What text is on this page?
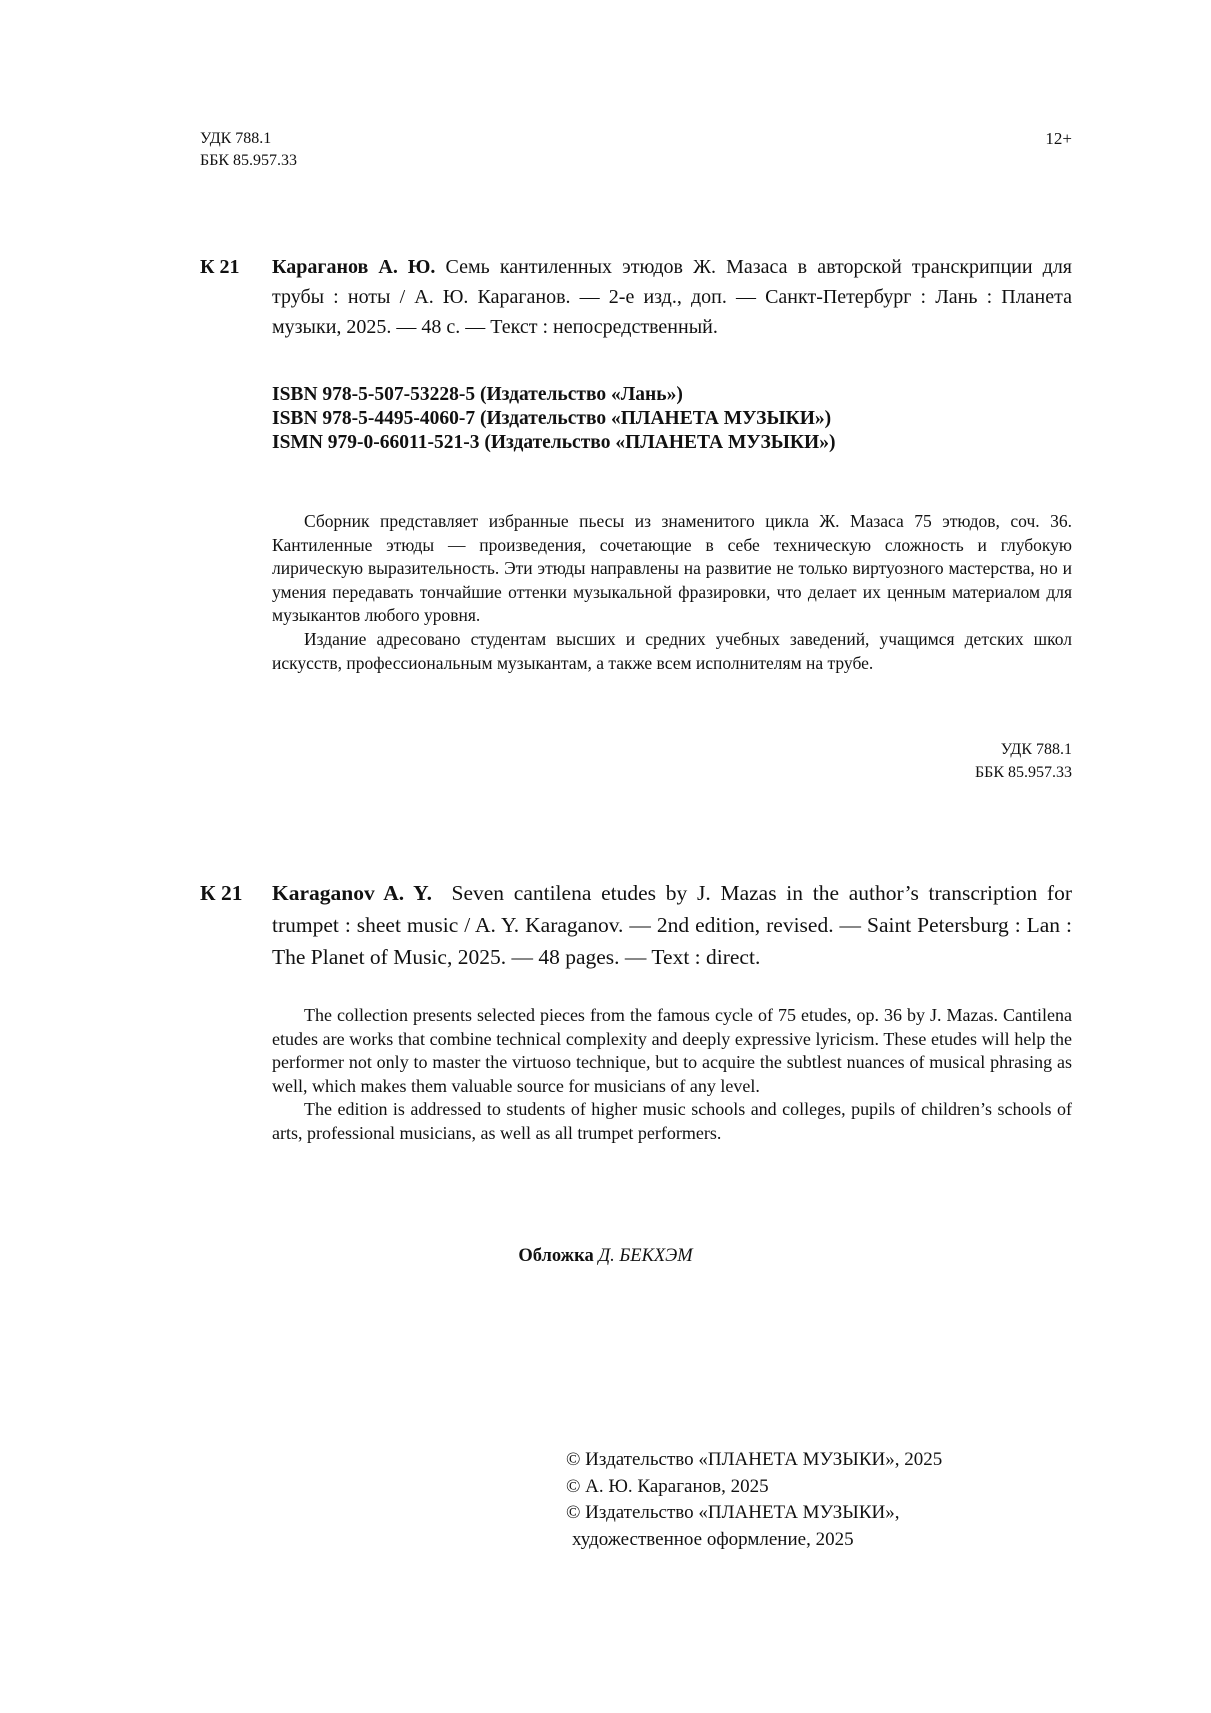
УДК 788.1
ББК 85.957.33
12+
К 21 Караганов А. Ю. Семь кантиленных этюдов Ж. Мазаса в авторской транскрипции для трубы : ноты / А. Ю. Караганов. — 2-е изд., доп. — Санкт-Петербург : Лань : Планета музыки, 2025. — 48 с. — Текст : непосредственный.
ISBN 978-5-507-53228-5 (Издательство «Лань»)
ISBN 978-5-4495-4060-7 (Издательство «ПЛАНЕТА МУЗЫКИ»)
ISMN 979-0-66011-521-3 (Издательство «ПЛАНЕТА МУЗЫКИ»)

Сборник представляет избранные пьесы из знаменитого цикла Ж. Мазаса 75 этюдов, соч. 36. Кантиленные этюды — произведения, сочетающие в себе техническую сложность и глубокую лирическую выразительность. Эти этюды направлены на развитие не только виртуозного мастерства, но и умения передавать тончайшие оттенки музыкальной фразировки, что делает их ценным материалом для музыкантов любого уровня.

Издание адресовано студентам высших и средних учебных заведений, учащимся детских школ искусств, профессиональным музыкантам, а также всем исполнителям на трубе.

УДК 788.1
ББК 85.957.33
К 21 Karaganov A. Y. Seven cantilena etudes by J. Mazas in the author’s transcription for trumpet : sheet music / A. Y. Karaganov. — 2nd edition, revised. — Saint Petersburg : Lan : The Planet of Music, 2025. — 48 pages. — Text : direct.

The collection presents selected pieces from the famous cycle of 75 etudes, op. 36 by J. Mazas. Cantilena etudes are works that combine technical complexity and deeply expressive lyricism. These etudes will help the performer not only to master the virtuoso technique, but to acquire the subtlest nuances of musical phrasing as well, which makes them valuable source for musicians of any level.

The edition is addressed to students of higher music schools and colleges, pupils of children’s schools of arts, professional musicians, as well as all trumpet performers.

Обложка Д. БЕКХЭМ
© Издательство «ПЛАНЕТА МУЗЫКИ», 2025
© А. Ю. Караганов, 2025
© Издательство «ПЛАНЕТА МУЗЫКИ»,
художественное оформление, 2025
